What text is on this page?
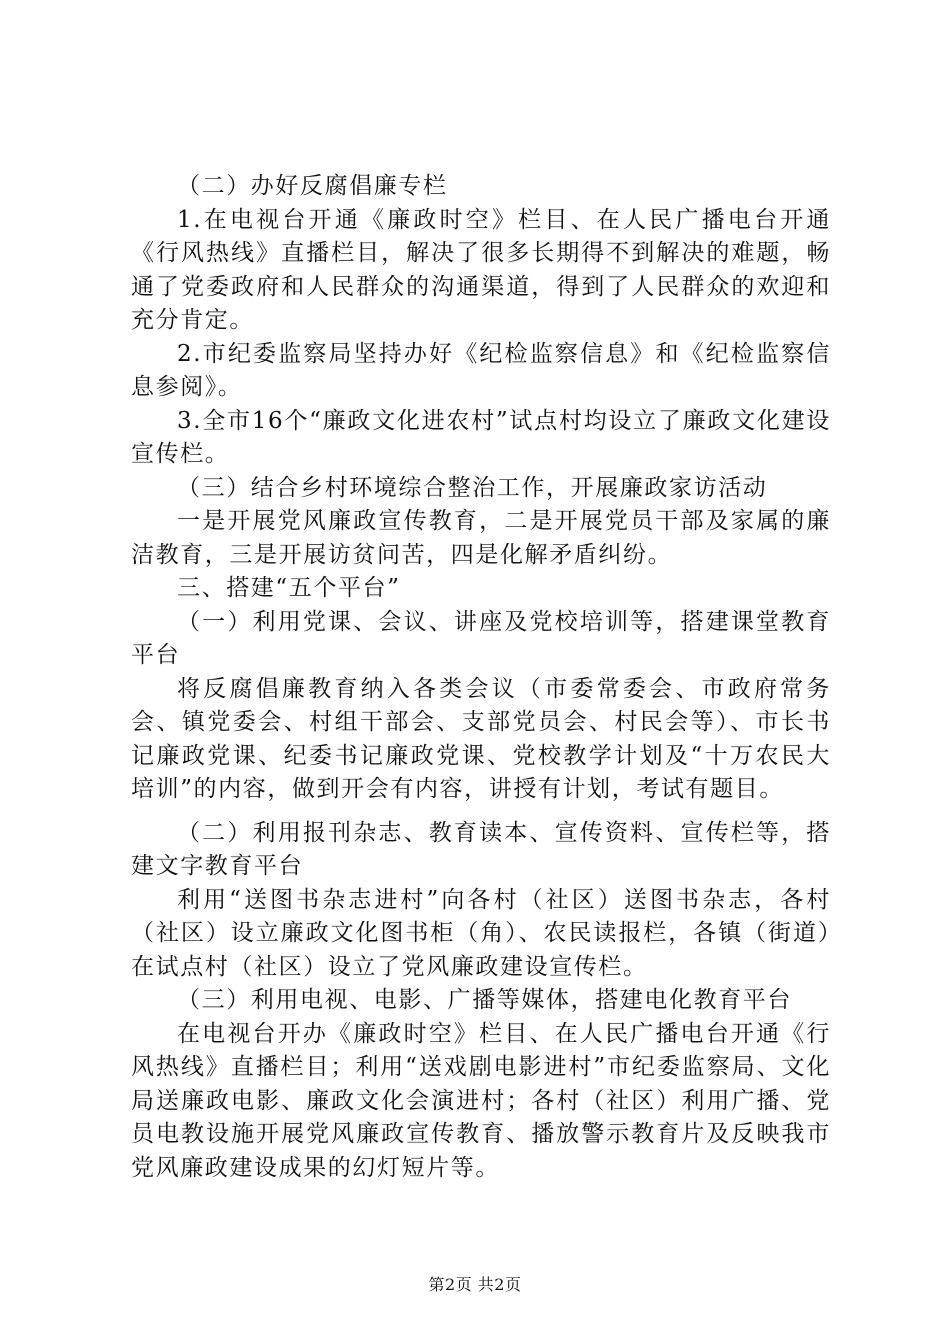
（二）办好反腐倡廉专栏

1.在电视台开通《廉政时空》栏目、在人民广播电台开通《行风热线》直播栏目，解决了很多长期得不到解决的难题，畅通了党委政府和人民群众的沟通渠道，得到了人民群众的欢迎和充分肯定。

2.市纪委监察局坚持办好《纪检监察信息》和《纪检监察信息参阅》。

3.全市16个“廉政文化进农村”试点村均设立了廉政文化建设宣传栏。

（三）结合乡村环境综合整治工作，开展廉政家访活动

一是开展党风廉政宣传教育，二是开展党员干部及家属的廉洁教育，三是开展访贫问苦，四是化解矛盾纠纷。

三、搭建“五个平台”

（一）利用党课、会议、讲座及党校培训等，搭建课堂教育平台

将反腐倡廉教育纳入各类会议（市委常委会、市政府常务会、镇党委会、村组干部会、支部党员会、村民会等）、市长书记廉政党课、纪委书记廉政党课、党校教学计划及“十万农民大培训”的内容，做到开会有内容，讲授有计划，考试有题目。

（二）利用报刊杂志、教育读本、宣传资料、宣传栏等，搭建文字教育平台

利用“送图书杂志进村”向各村（社区）送图书杂志，各村（社区）设立廉政文化图书柜（角）、农民读报栏，各镇（街道）在试点村（社区）设立了党风廉政建设宣传栏。

（三）利用电视、电影、广播等媒体，搭建电化教育平台

在电视台开办《廉政时空》栏目、在人民广播电台开通《行风热线》直播栏目；利用“送戏剧电影进村”市纪委监察局、文化局送廉政电影、廉政文化会演进村；各村（社区）利用广播、党员电教设施开展党风廉政宣传教育、播放警示教育片及反映我市党风廉政建设成果的幻灯短片等。

第2页 共2页
